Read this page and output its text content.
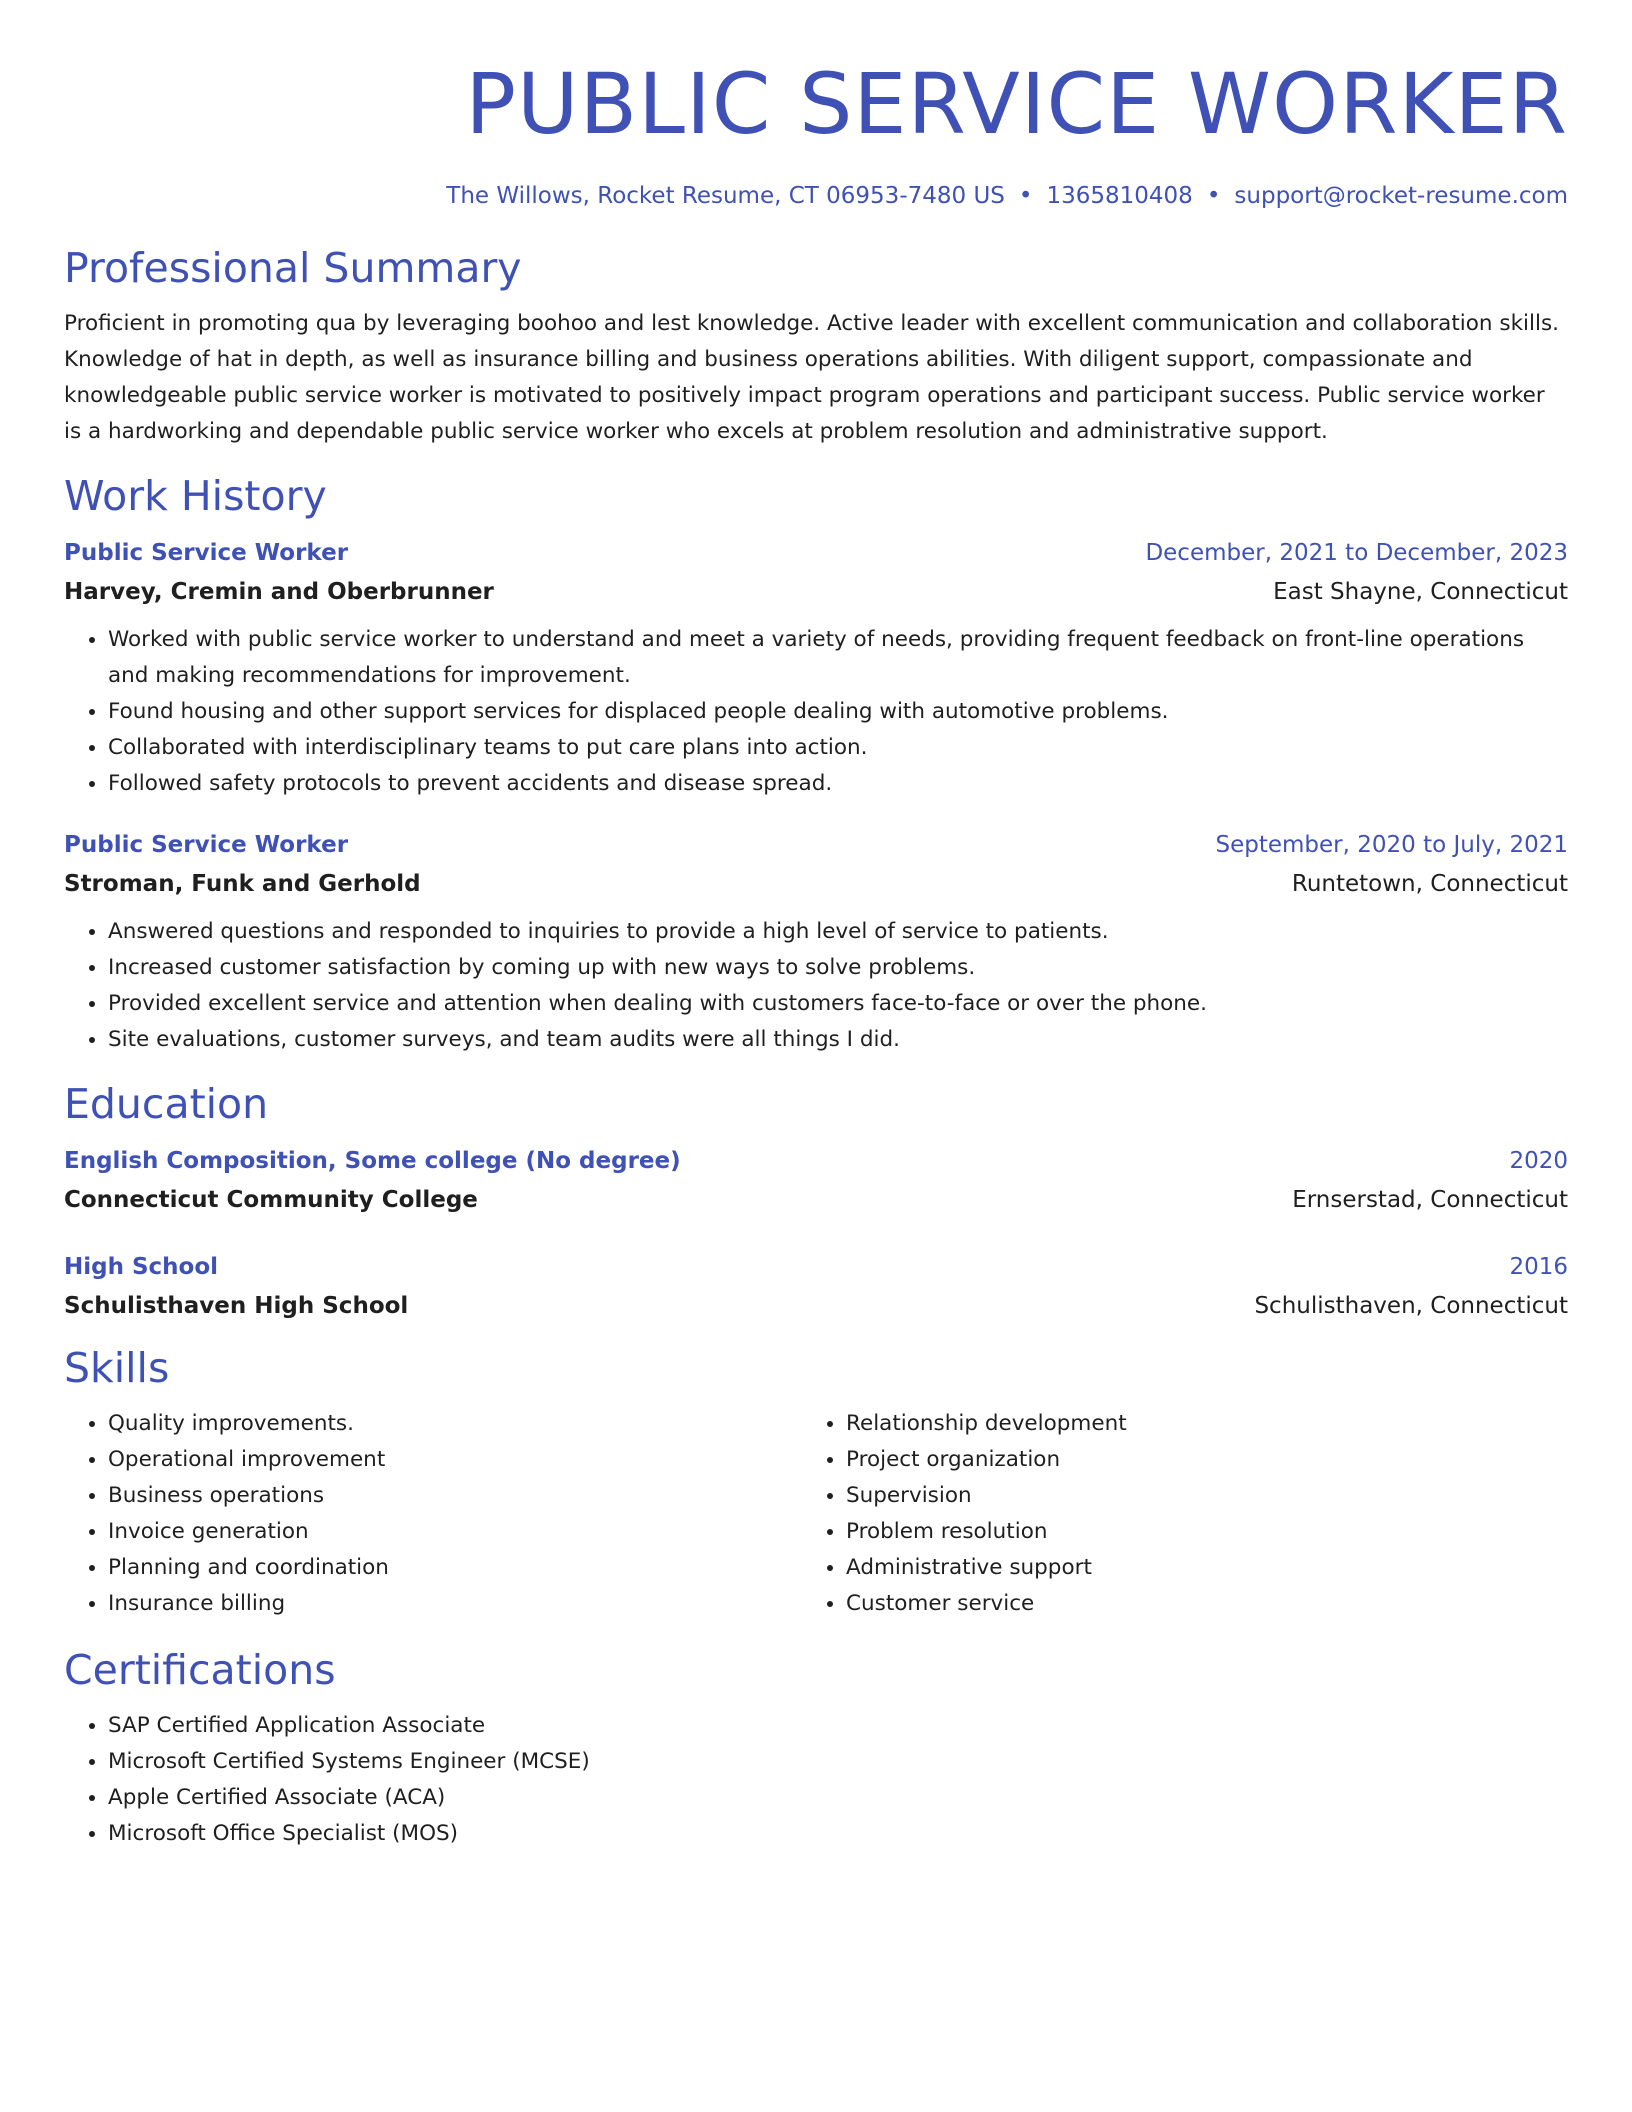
PUBLIC SERVICE WORKER
The Willows, Rocket Resume, CT 06953-7480 US • 1365810408 • support@rocket-resume.com
Professional Summary

Proficient in promoting qua by leveraging boohoo and lest knowledge. Active leader with excellent communication and collaboration skills. Knowledge of hat in depth, as well as insurance billing and business operations abilities. With diligent support, compassionate and knowledgeable public service worker is motivated to positively impact program operations and participant success. Public service worker is a hardworking and dependable public service worker who excels at problem resolution and administrative support.

Work History
Public Service Worker	December, 2021 to December, 2023
Harvey, Cremin and Oberbrunner	East Shayne, Connecticut
• Worked with public service worker to understand and meet a variety of needs, providing frequent feedback on front-line operations and making recommendations for improvement.
• Found housing and other support services for displaced people dealing with automotive problems.
• Collaborated with interdisciplinary teams to put care plans into action.
• Followed safety protocols to prevent accidents and disease spread.
Public Service Worker	September, 2020 to July, 2021
Stroman, Funk and Gerhold	Runtetown, Connecticut
• Answered questions and responded to inquiries to provide a high level of service to patients.
• Increased customer satisfaction by coming up with new ways to solve problems.
• Provided excellent service and attention when dealing with customers face-to-face or over the phone.
• Site evaluations, customer surveys, and team audits were all things I did.
Education
English Composition, Some college (No degree)	2020
Connecticut Community College	Ernserstad, Connecticut
High School	2016
Schulisthaven High School	Schulisthaven, Connecticut
Skills
• Quality improvements.
• Operational improvement
• Business operations
• Invoice generation
• Planning and coordination
• Insurance billing
• Relationship development
• Project organization
• Supervision
• Problem resolution
• Administrative support
• Customer service
Certifications
• SAP Certified Application Associate
• Microsoft Certified Systems Engineer (MCSE)
• Apple Certified Associate (ACA)
• Microsoft Office Specialist (MOS)
